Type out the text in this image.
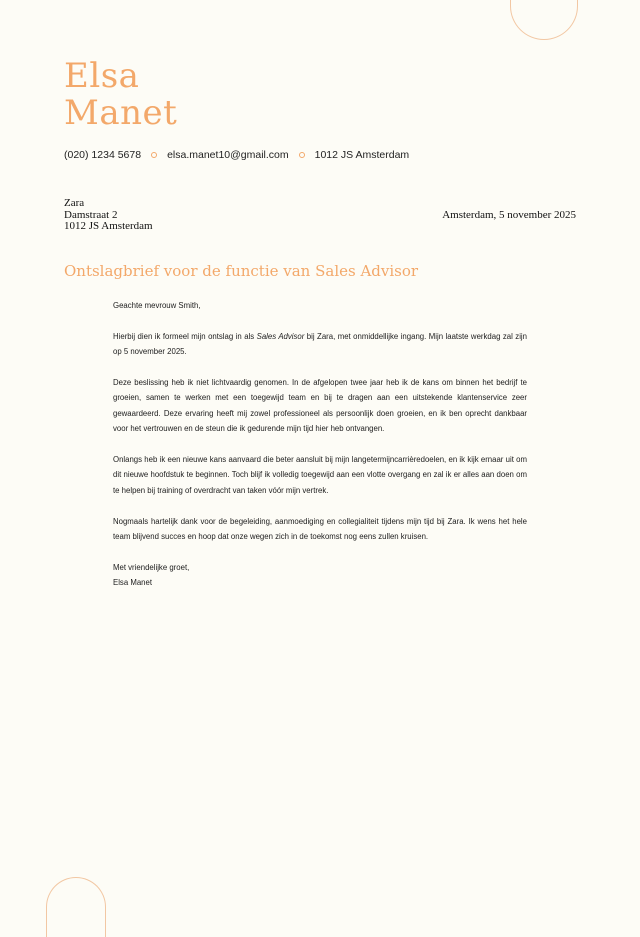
Elsa
Manet
(020) 1234 5678 elsa.manet10@gmail.com 1012 JS Amsterdam
Zara
Damstraat 2
1012 JS Amsterdam
Amsterdam, 5 november 2025
Ontslagbrief voor de functie van Sales Advisor

Geachte mevrouw Smith,

Hierbij dien ik formeel mijn ontslag in als Sales Advisor bij Zara, met onmiddellijke ingang. Mijn laatste werkdag zal zijn op 5 november 2025.

Deze beslissing heb ik niet lichtvaardig genomen. In de afgelopen twee jaar heb ik de kans om binnen het bedrijf te groeien, samen te werken met een toegewijd team en bij te dragen aan een uitstekende klantenservice zeer gewaardeerd. Deze ervaring heeft mij zowel professioneel als persoonlijk doen groeien, en ik ben oprecht dankbaar voor het vertrouwen en de steun die ik gedurende mijn tijd hier heb ontvangen.

Onlangs heb ik een nieuwe kans aanvaard die beter aansluit bij mijn langetermijncarrièredoelen, en ik kijk ernaar uit om dit nieuwe hoofdstuk te beginnen. Toch blijf ik volledig toegewijd aan een vlotte overgang en zal ik er alles aan doen om te helpen bij training of overdracht van taken vóór mijn vertrek.

Nogmaals hartelijk dank voor de begeleiding, aanmoediging en collegialiteit tijdens mijn tijd bij Zara. Ik wens het hele team blijvend succes en hoop dat onze wegen zich in de toekomst nog eens zullen kruisen.

Met vriendelijke groet,
Elsa Manet
